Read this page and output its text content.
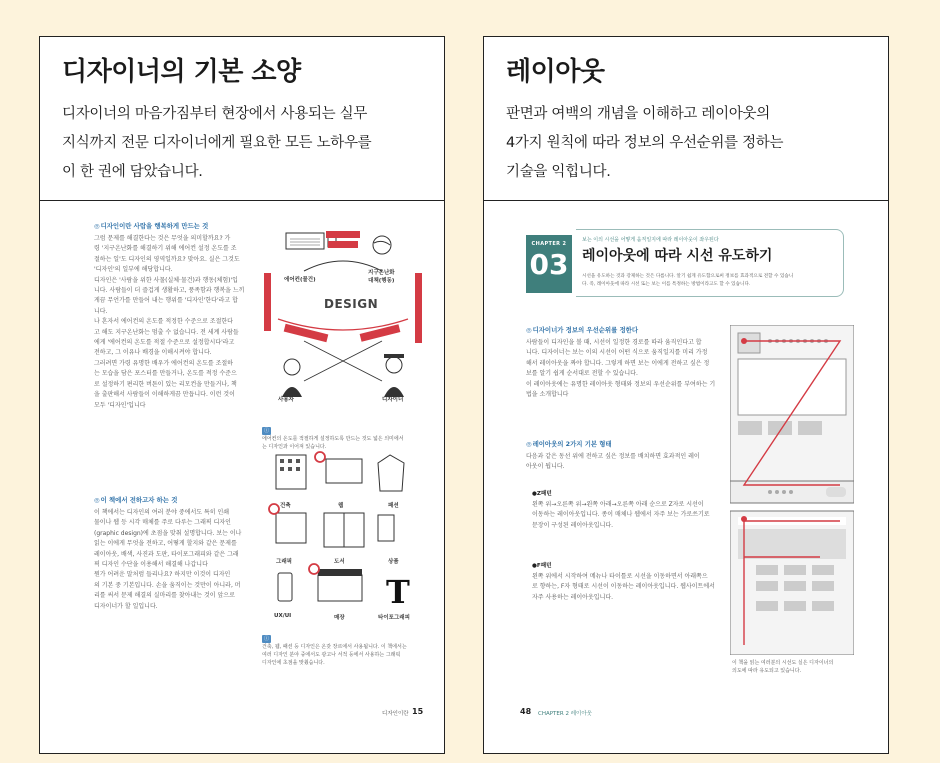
디자이너의 기본 소양
디자이너의 마음가짐부터 현장에서 사용되는 실무
지식까지 전문 디자이너에게 필요한 모든 노하우를
이 한 권에 담았습니다.
◎ 디자인이란 사람을 행복하게 만드는 것
그럼 문제를 해결한다는 것은 무엇을 의미할까요? 가
령 '지구온난화를 해결하기 위해 에어컨 설정 온도를 조
절하는 일'도 디자인의 영역일까요? 맞아요. 실은 그것도
'디자인'의 일부에 해당합니다.
디자인은 '사람을 위한 사물(실체·물건)과 행동(체험)'입
니다. 사람들이 더 즐겁게 생활하고, 풍족함과 행복을 느끼
게끔 무언가를 만들어 내는 행위를 '디자인'한다'라고 합
니다.
나 혼자서 에어컨의 온도를 적정한 수준으로 조절한다
고 해도 지구온난화는 멈출 수 없습니다. 전 세계 사람들
에게 '에어컨의 온도를 적절 수준으로 설정합시다'라고
전하고, 그 이유나 배경을 이해시켜야 합니다.
그러려면 가령 유명한 배우가 에어컨의 온도를 조절하
는 모습을 담은 포스터를 만들거나, 온도를 적정 수준으
로 설정하기 편리한 버튼이 있는 리모컨을 만들거나, 책
을 출판해서 사람들이 이해하게끔 만듭니다. 이런 것이
모두 '디자인'입니다
◎ 이 책에서 전하고자 하는 것
이 책에서는 디자인의 여러 분야 중에서도 특히 인쇄
물이나 웹 등 시각 매체를 주로 다루는 그래픽 디자인
(graphic design)에 초점을 맞춰 설명합니다. 보는 이나
읽는 이에게 무엇을 전하고, 어떻게 할지와 같은 문제를
레이아웃, 배색, 사진과 도판, 타이포그래피와 같은 그래
픽 디자인 수단을 이용해서 해결해 나갑니다
뭔가 어려운 말처럼 들리나요? 하지만 이것이 디자인
의 기본 중 기본입니다. 손을 움직이는 것만이 아니라, 머
리를 써서 문제 해결의 실마리를 찾아내는 것이 앞으로
디자이너가 할 일입니다.
에어컨(물건)
지구온난화
대책(행동)
DESIGN
사용자	디자이너

ⓘ
에어컨의 온도를 적절하게 설정하도록 만드는 것도 넓은 의미에서
는 디자인과 이어져 있습니다.

T
건축	웹	패션
그래픽	도서	상품
UX/UI	매장	타이포그래피

ⓘ
건축, 웹, 패션 등 디자인은 온갖 장르에서 사용됩니다. 이 책에서는
여러 디자인 분야 중에서도 광고나 서적 등에서 사용하는 그래픽
디자인에 초점을 맞췄습니다.

디자인이란 15
레이아웃
판면과 여백의 개념을 이해하고 레이아웃의
4가지 원칙에 따라 정보의 우선순위를 정하는
기술을 익힙니다.
CHAPTER 2
03
보는 이의 시선을 어떻게 움직일지에 따라 레이아웃이 좌우된다
레이아웃에 따라 시선 유도하기
시선을 유도하는 것과 강제하는 것은 다릅니다. 알기 쉽게 유도함으로써 정보를 효과적으로 전할 수 있습니
다. 즉, 레이아웃에 따라 시선 또는 보는 이를 특정하는 방법이라고도 할 수 있습니다.
◎ 디자이너가 정보의 우선순위를 정한다
사람들이 디자인을 볼 때, 시선이 일정한 경로를 따라 움직인다고 합
니다. 디자이너는 보는 이의 시선이 어떤 식으로 움직일지를 미리 가정
해서 레이아웃을 짜야 합니다. 그렇게 하면 보는 이에게 전하고 싶은 정
보를 알기 쉽게 순서대로 전할 수 있습니다.
이 레이아웃에는 유명한 레이아웃 형태와 정보의 우선순위를 부여하는 기
법을 소개합니다
◎ 레이아웃의 2가지 기본 형태
다음과 같은 동선 위에 전하고 싶은 정보를 배치하면 효과적인 레이
아웃이 됩니다.
●Z패턴
왼쪽 위→오른쪽 위→왼쪽 아래→오른쪽 아래 순으로 Z자로 시선이
이동하는 레이아웃입니다. 종이 매체나 웹에서 자주 보는 가로쓰기로
문장이 구성된 레이아웃입니다.
●F패턴
왼쪽 위에서 시작하여 메뉴나 타이틀로 시선을 이동하면서 아래쪽으
로 향하는, F자 형태로 시선이 이동하는 레이아웃입니다. 웹사이트에서
자주 사용하는 레이아웃입니다.
이 책을 읽는 여러분의 시선도 실은 디자이너의
의도에 따라 유도되고 있습니다.
48 CHAPTER 2 레이아웃
